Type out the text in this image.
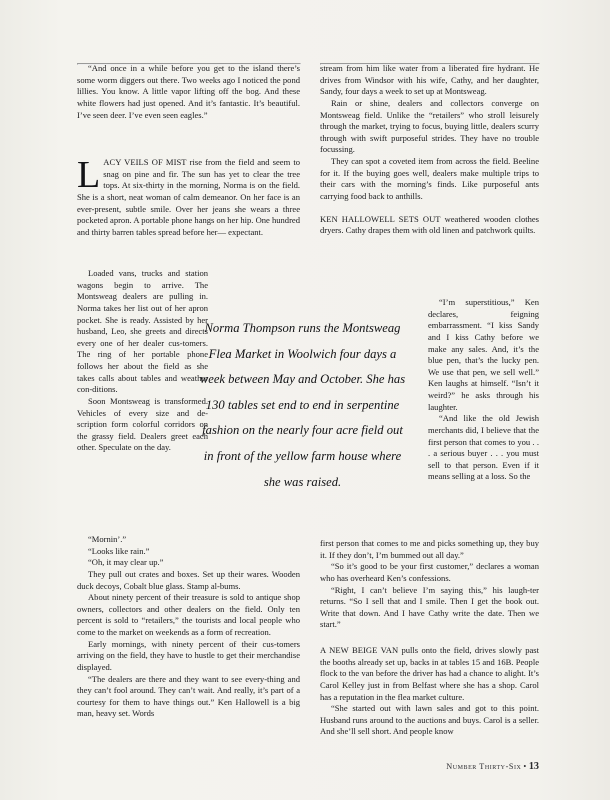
“And once in a while before you get to the island there’s some worm diggers out there. Two weeks ago I noticed the pond lillies. You know. A little vapor lifting off the bog. And these white flowers had just opened. And it’s fantastic. It’s beautiful. I’ve seen deer. I’ve even seen eagles.”

LACY VEILS OF MIST rise from the field and seem to snag on pine and fir. The sun has yet to clear the tree tops. At six-thirty in the morning, Norma is on the field. She is a short, neat woman of calm demeanor. On her face is an ever-present, subtle smile. Over her jeans she wears a three pocketed apron. A portable phone hangs on her hip. One hundred and thirty barren tables spread before her— expectant.

Loaded vans, trucks and station wagons begin to arrive. The Montsweag dealers are pulling in. Norma takes her list out of her apron pocket. She is ready. Assisted by her husband, Leo, she greets and directs every one of her dealer cus-tomers. The ring of her portable phone follows her about the field as she takes calls about tables and weather con-ditions.

Soon Montsweag is transformed. Vehicles of every size and de-scription form colorful corridors on the grassy field. Dealers greet each other. Speculate on the day.

“Mornin’.”

“Looks like rain.”

“Oh, it may clear up.”

They pull out crates and boxes. Set up their wares. Wooden duck decoys, Cobalt blue glass. Stamp al-bums.

About ninety percent of their treasure is sold to antique shop owners, collectors and other dealers on the field. Only ten percent is sold to “retailers,” the tourists and local people who come to the market on weekends as a form of recreation.

Early mornings, with ninety percent of their cus-tomers arriving on the field, they have to hustle to get their merchandise displayed.

“The dealers are there and they want to see every-thing and they can’t fool around. They can’t wait. And really, it’s part of a courtesy for them to have things out.” Ken Hallowell is a big man, heavy set. Words

Norma Thompson runs the Montsweag Flea Market in Woolwich four days a week between May and October. She has 130 tables set end to end in serpentine fashion on the nearly four acre field out in front of the yellow farm house where she was raised.

stream from him like water from a liberated fire hydrant. He drives from Windsor with his wife, Cathy, and her daughter, Sandy, four days a week to set up at Montsweag.

Rain or shine, dealers and collectors converge on Montsweag field. Unlike the “retailers” who stroll leisurely through the market, trying to focus, buying little, dealers scurry through with swift purposeful strides. They have no trouble focussing.

They can spot a coveted item from across the field. Beeline for it. If the buying goes well, dealers make multiple trips to their cars with the morning’s finds. Like purposeful ants carrying food back to anthills.

KEN HALLOWELL SETS OUT weathered wooden clothes dryers. Cathy drapes them with old linen and patchwork quilts.

“I’m superstitious,” Ken declares, feigning embarrassment. “I kiss Sandy and I kiss Cathy before we make any sales. And, it’s the blue pen, that’s the lucky pen. We use that pen, we sell well.” Ken laughs at himself. “Isn’t it weird?” he asks through his laughter.

“And like the old Jewish merchants did, I believe that the first person that comes to you . . . a serious buyer . . . you must sell to that person. Even if it means selling at a loss. So the

first person that comes to me and picks something up, they buy it. If they don’t, I’m bummed out all day.”

“So it’s good to be your first customer,” declares a woman who has overheard Ken’s confessions.

“Right, I can’t believe I’m saying this,” his laugh-ter returns. “So I sell that and I smile. Then I get the book out. Write that down. And I have Cathy write the date. Then we start.”

A NEW BEIGE VAN pulls onto the field, drives slowly past the booths already set up, backs in at tables 15 and 16B. People flock to the van before the driver has had a chance to alight. It’s Carol Kelley just in from Belfast where she has a shop. Carol has a reputation in the flea market culture.

“She started out with lawn sales and got to this point. Husband runs around to the auctions and buys. Carol is a seller. And she’ll sell short. And people know

Number Thirty-Six • 13
